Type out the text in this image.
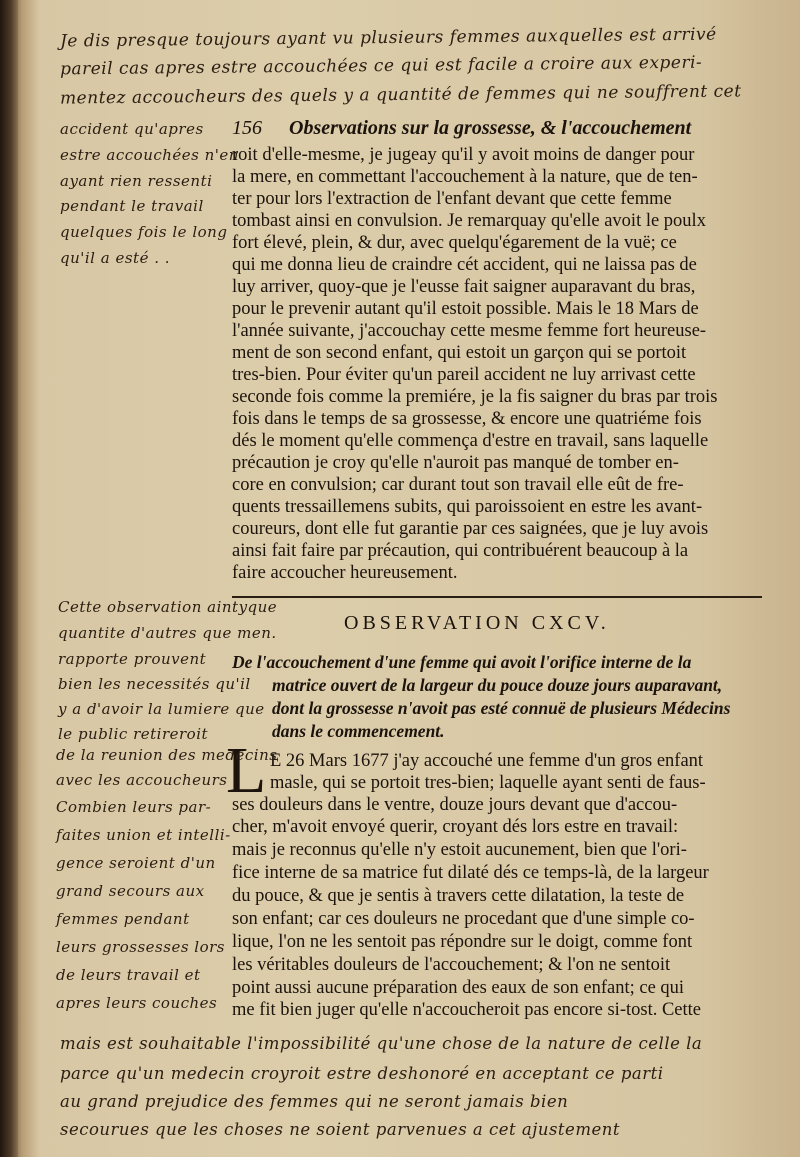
Je dis presque toujours ayant vu plusieurs femmes auxquelles est arrivé
pareil cas apres estre accouchées ce qui est facile a croire aux experi-
mentez accoucheurs des quels y a quantité de femmes qui ne souffrent cet
156 Observations sur la grossesse, & l'accouchement
accident qu'apres
estre accouchées n'en
ayant rien ressenti
pendant le travail
quelques fois le long
qu'il a esté . .
roit d'elle-mesme, je jugeay qu'il y avoit moins de danger pour
la mere, en commettant l'accouchement à la nature, que de ten-
ter pour lors l'extraction de l'enfant devant que cette femme
tombast ainsi en convulsion. Je remarquay qu'elle avoit le poulx
fort élevé, plein, & dur, avec quelqu'égarement de la vuë; ce
qui me donna lieu de craindre cét accident, qui ne laissa pas de
luy arriver, quoy-que je l'eusse fait saigner auparavant du bras,
pour le prevenir autant qu'il estoit possible. Mais le 18 Mars de
l'année suivante, j'accouchay cette mesme femme fort heureuse-
ment de son second enfant, qui estoit un garçon qui se portoit
tres-bien. Pour éviter qu'un pareil accident ne luy arrivast cette
seconde fois comme la premiére, je la fis saigner du bras par trois
fois dans le temps de sa grossesse, & encore une quatriéme fois
dés le moment qu'elle commença d'estre en travail, sans laquelle
précaution je croy qu'elle n'auroit pas manqué de tomber en-
core en convulsion; car durant tout son travail elle eût de fre-
quents tressaillemens subits, qui paroissoient en estre les avant-
coureurs, dont elle fut garantie par ces saignées, que je luy avois
ainsi fait faire par précaution, qui contribuérent beaucoup à la
faire accoucher heureusement.
Cette observation aintyque
quantite d'autres que men.
rapporte prouvent
bien les necessités qu'il
y a d'avoir la lumiere que
le public retireroit
OBSERVATION CXCV.
De l'accouchement d'une femme qui avoit l'orifice interne de la
matrice ouvert de la largeur du pouce douze jours auparavant,
dont la grossesse n'avoit pas esté connuë de plusieurs Médecins
dans le commencement.
L E 26 Mars 1677 j'ay accouché une femme d'un gros enfant
masle, qui se portoit tres-bien; laquelle ayant senti de faus-
ses douleurs dans le ventre, douze jours devant que d'accou-
cher, m'avoit envoyé querir, croyant dés lors estre en travail:
mais je reconnus qu'elle n'y estoit aucunement, bien que l'ori-
fice interne de sa matrice fut dilaté dés ce temps-là, de la largeur
du pouce, & que je sentis à travers cette dilatation, la teste de
son enfant; car ces douleurs ne procedant que d'une simple co-
lique, l'on ne les sentoit pas répondre sur le doigt, comme font
les véritables douleurs de l'accouchement; & l'on ne sentoit
point aussi aucune préparation des eaux de son enfant; ce qui
me fit bien juger qu'elle n'accoucheroit pas encore si-tost. Cette
de la reunion des medecins
avec les accoucheurs
Combien leurs par-
faites union et intelli-
gence seroient d'un
grand secours aux
femmes pendant
leurs grossesses lors
de leurs travail et
apres leurs couches
mais est souhaitable l'impossibilité qu'une chose de la nature de celle la
parce qu'un medecin croyroit estre deshonoré en acceptant ce parti
au grand prejudice des femmes qui ne seront jamais bien
secourues que les choses ne soient parvenues a cet ajustement
